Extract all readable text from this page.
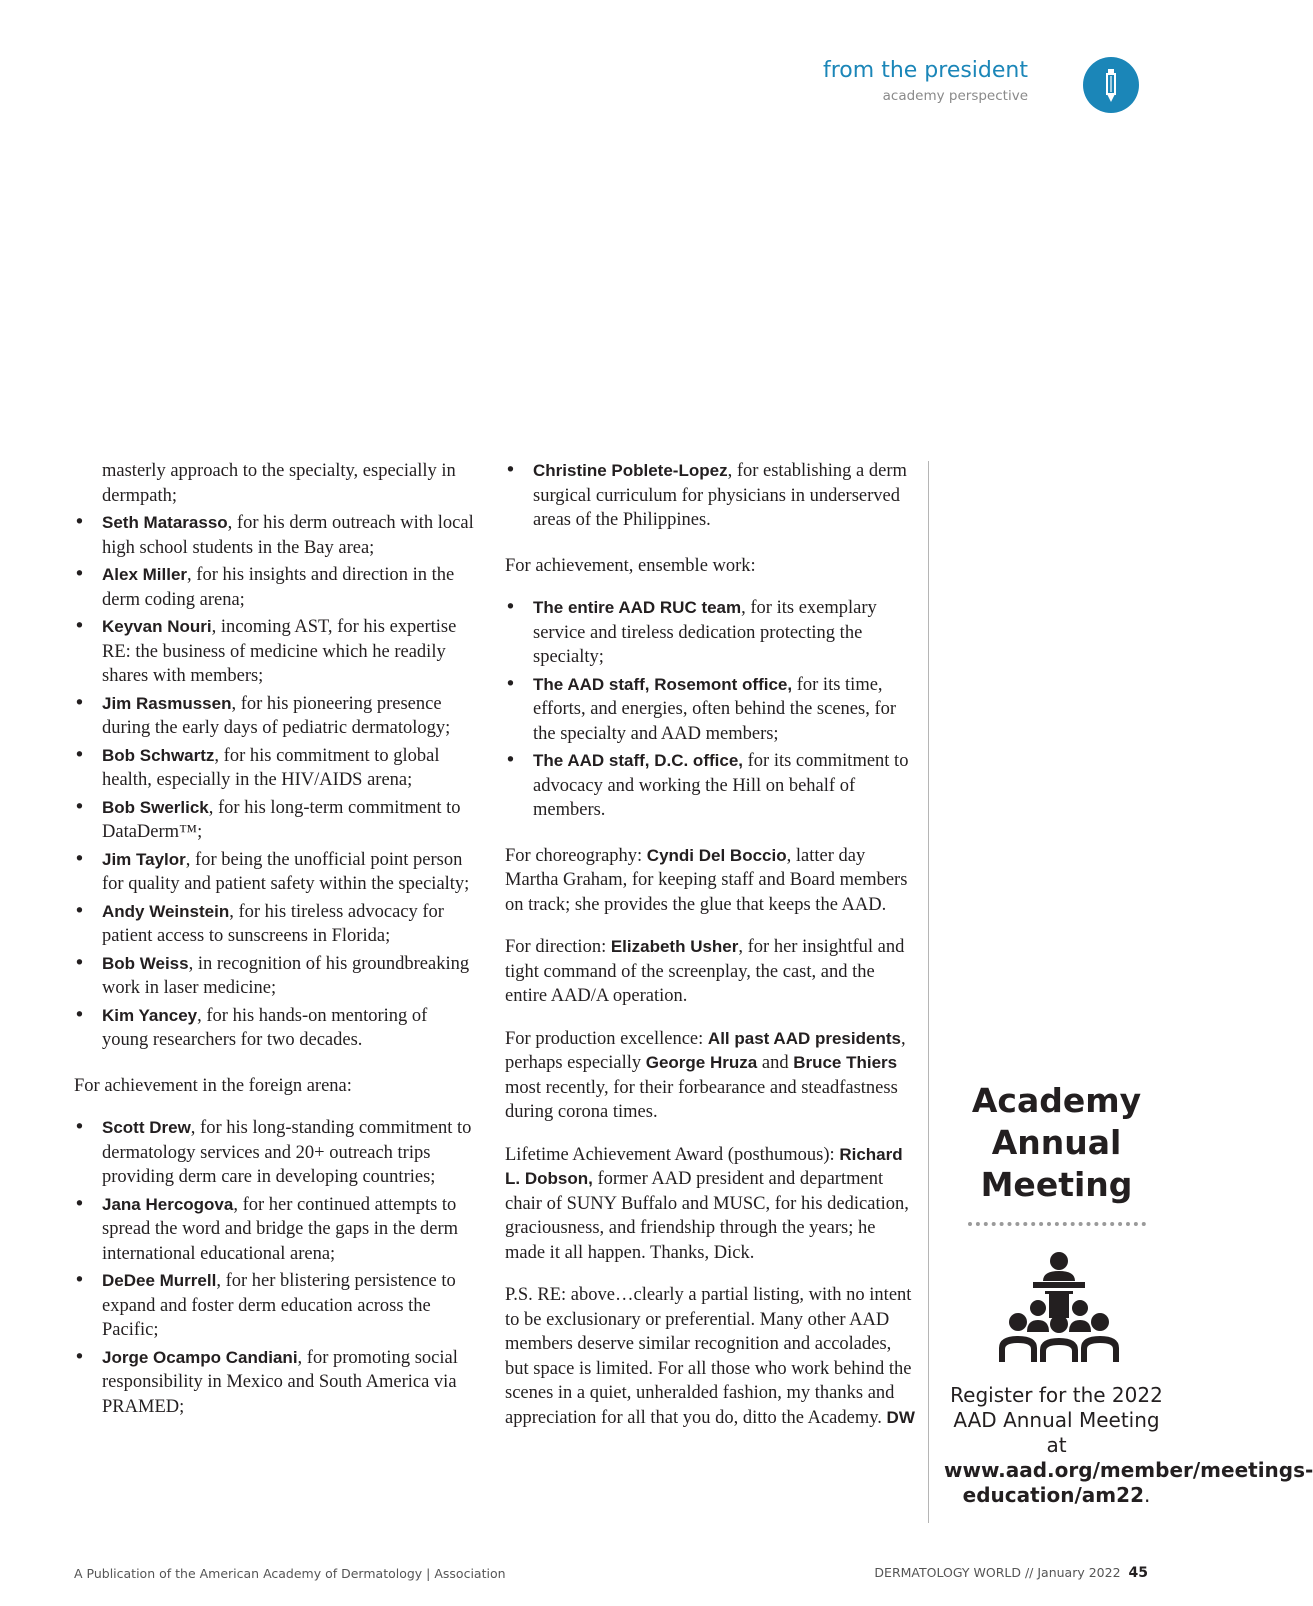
from the president
academy perspective
masterly approach to the specialty, especially in dermpath;
• Seth Matarasso, for his derm outreach with local high school students in the Bay area;
• Alex Miller, for his insights and direction in the derm coding arena;
• Keyvan Nouri, incoming AST, for his expertise RE: the business of medicine which he readily shares with members;
• Jim Rasmussen, for his pioneering presence during the early days of pediatric dermatology;
• Bob Schwartz, for his commitment to global health, especially in the HIV/AIDS arena;
• Bob Swerlick, for his long-term commitment to DataDerm™;
• Jim Taylor, for being the unofficial point person for quality and patient safety within the specialty;
• Andy Weinstein, for his tireless advocacy for patient access to sunscreens in Florida;
• Bob Weiss, in recognition of his groundbreaking work in laser medicine;
• Kim Yancey, for his hands-on mentoring of young researchers for two decades.

For achievement in the foreign arena:

• Scott Drew, for his long-standing commitment to dermatology services and 20+ outreach trips providing derm care in developing countries;
• Jana Hercogova, for her continued attempts to spread the word and bridge the gaps in the derm international educational arena;
• DeDee Murrell, for her blistering persistence to expand and foster derm education across the Pacific;
• Jorge Ocampo Candiani, for promoting social responsibility in Mexico and South America via PRAMED;
• Christine Poblete-Lopez, for establishing a derm surgical curriculum for physicians in underserved areas of the Philippines.

For achievement, ensemble work:

• The entire AAD RUC team, for its exemplary service and tireless dedication protecting the specialty;
• The AAD staff, Rosemont office, for its time, efforts, and energies, often behind the scenes, for the specialty and AAD members;
• The AAD staff, D.C. office, for its commitment to advocacy and working the Hill on behalf of members.

For choreography: Cyndi Del Boccio, latter day Martha Graham, for keeping staff and Board members on track; she provides the glue that keeps the AAD.

For direction: Elizabeth Usher, for her insightful and tight command of the screenplay, the cast, and the entire AAD/A operation.

For production excellence: All past AAD presidents, perhaps especially George Hruza and Bruce Thiers most recently, for their forbearance and steadfastness during corona times.

Lifetime Achievement Award (posthumous): Richard L. Dobson, former AAD president and department chair of SUNY Buffalo and MUSC, for his dedication, graciousness, and friendship through the years; he made it all happen. Thanks, Dick.

P.S. RE: above…clearly a partial listing, with no intent to be exclusionary or preferential. Many other AAD members deserve similar recognition and accolades, but space is limited. For all those who work behind the scenes in a quiet, unheralded fashion, my thanks and appreciation for all that you do, ditto the Academy. DW

Academy
Annual
Meeting
Register for the 2022 AAD Annual Meeting at www.aad.org/member/meetings-education/am22.
A Publication of the American Academy of Dermatology | Association	DERMATOLOGY WORLD // January 2022 45
